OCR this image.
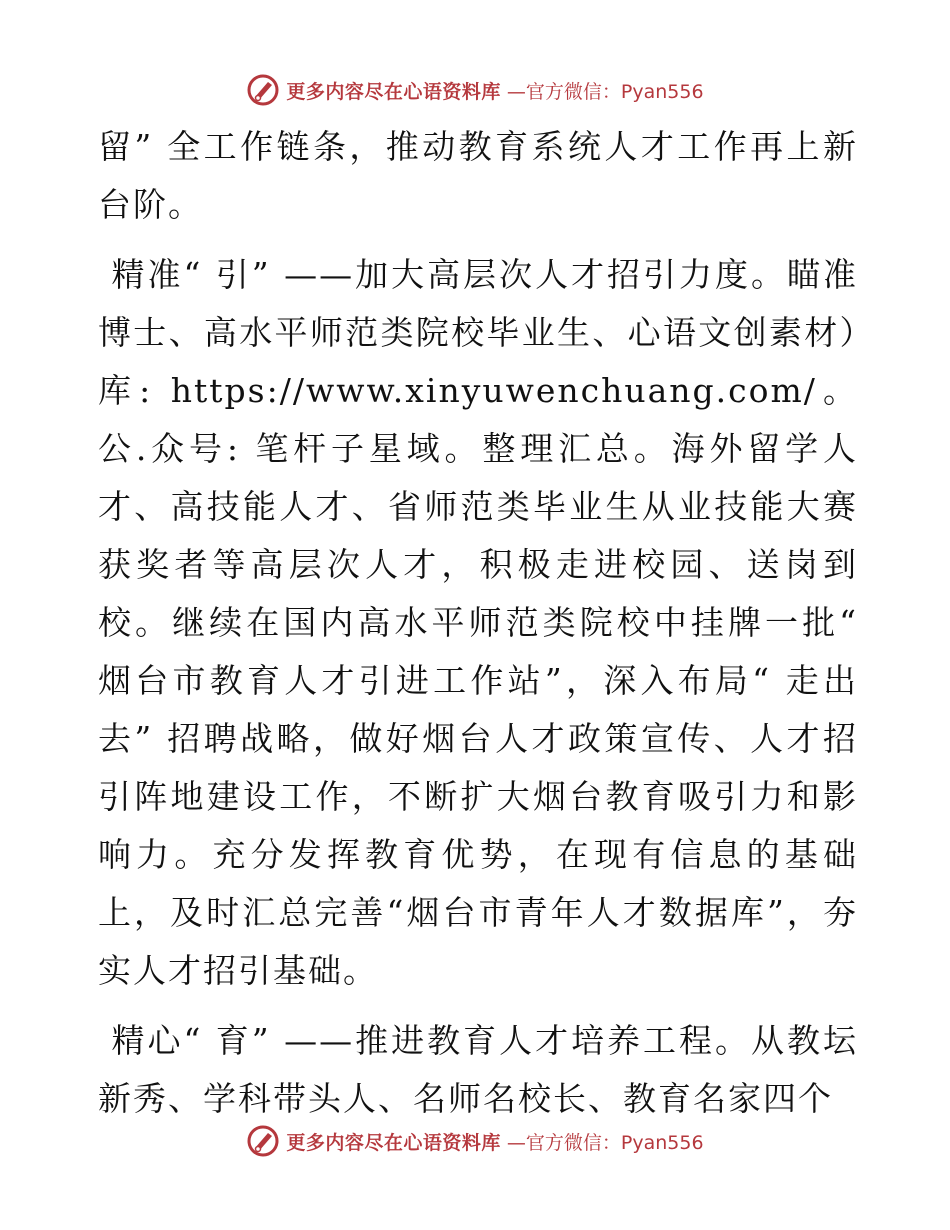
更多内容尽在心语资料库 —官方微信：Pyan556

留” 全工作链条，推动教育系统人才工作再上新台阶。

精准“ 引” ——加大高层次人才招引力度。瞄准博士、高水平师范类院校毕业生、心语文创素材）库: https://www.xinyuwenchuang.com/。公.众号: 笔杆子星域。整理汇总。海外留学人才、高技能人才、省师范类毕业生从业技能大赛获奖者等高层次人才，积极走进校园、送岗到校。继续在国内高水平师范类院校中挂牌一批“ 烟台市教育人才引进工作站”，深入布局“ 走出去” 招聘战略，做好烟台人才政策宣传、人才招引阵地建设工作，不断扩大烟台教育吸引力和影响力。充分发挥教育优势，在现有信息的基础上，及时汇总完善“烟台市青年人才数据库”，夯实人才招引基础。

精心“ 育” ——推进教育人才培养工程。从教坛新秀、学科带头人、名师名校长、教育名家四个

更多内容尽在心语资料库 —官方微信：Pyan556
